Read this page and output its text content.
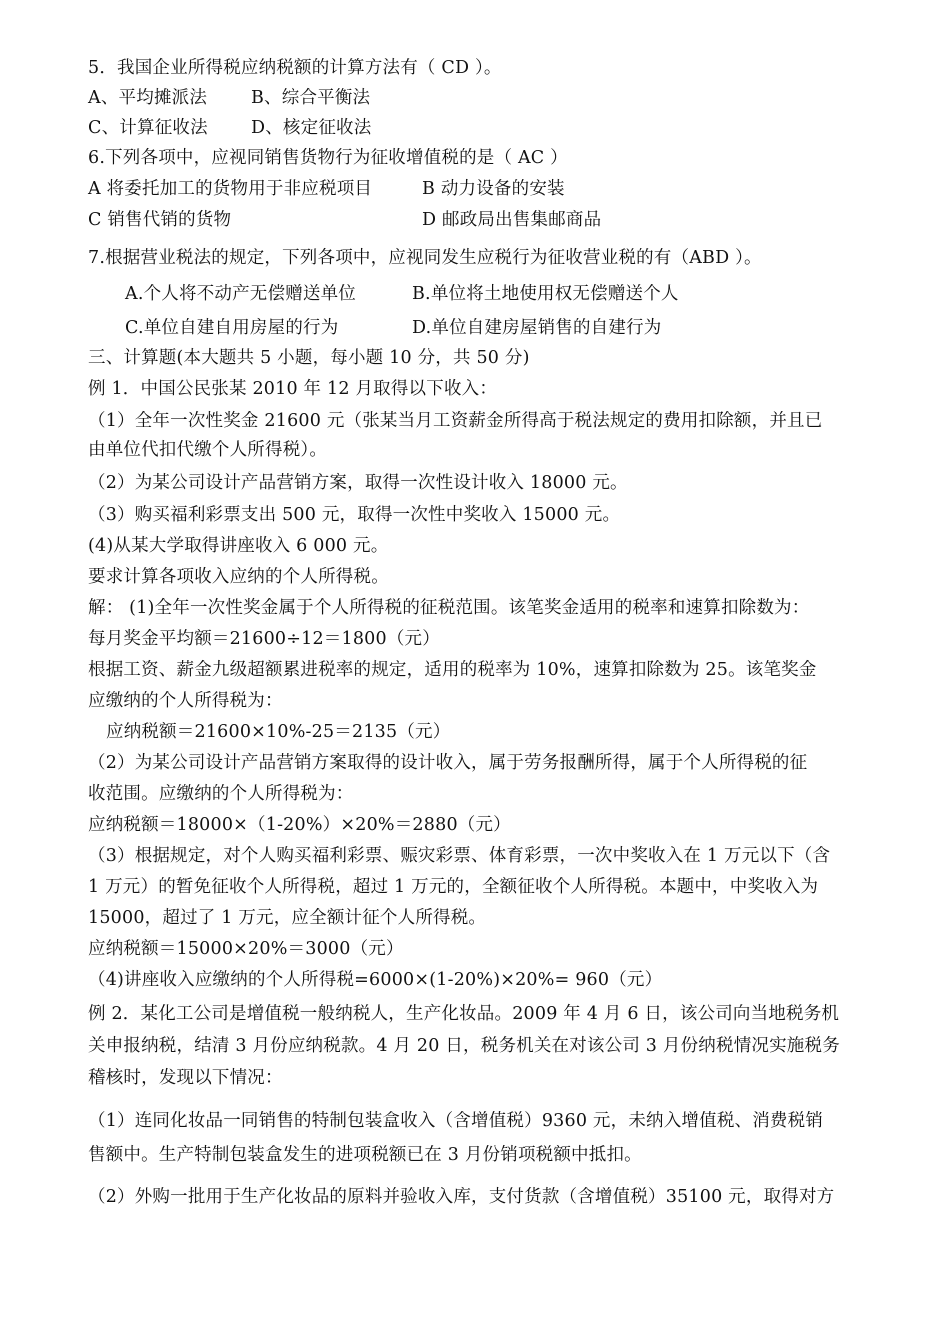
5．我国企业所得税应纳税额的计算方法有（ CD ）。
A、平均摊派法	B、综合平衡法
C、计算征收法 D、核定征收法
6.下列各项中，应视同销售货物行为征收增值税的是（ AC ）
A 将委托加工的货物用于非应税项目	B 动力设备的安装
C 销售代销的货物	D 邮政局出售集邮商品
7.根据营业税法的规定，下列各项中，应视同发生应税行为征收营业税的有（ABD ）。
A.个人将不动产无偿赠送单位	B.单位将土地使用权无偿赠送个人
C.单位自建自用房屋的行为	D.单位自建房屋销售的自建行为
三、计算题(本大题共 5 小题，每小题 10 分，共 50 分)
例 1．中国公民张某 2010 年 12 月取得以下收入：
（1）全年一次性奖金 21600 元（张某当月工资薪金所得高于税法规定的费用扣除额，并且已
由单位代扣代缴个人所得税）。
（2）为某公司设计产品营销方案，取得一次性设计收入 18000 元。
（3）购买福利彩票支出 500 元，取得一次性中奖收入 15000 元。
(4)从某大学取得讲座收入 6 000 元。
要求计算各项收入应纳的个人所得税。
解： (1)全年一次性奖金属于个人所得税的征税范围。该笔奖金适用的税率和速算扣除数为：
每月奖金平均额＝21600÷12＝1800（元）
根据工资、薪金九级超额累进税率的规定，适用的税率为 10%，速算扣除数为 25。该笔奖金
应缴纳的个人所得税为：
应纳税额＝21600×10%-25＝2135（元）
（2）为某公司设计产品营销方案取得的设计收入，属于劳务报酬所得，属于个人所得税的征
收范围。应缴纳的个人所得税为：
应纳税额＝18000×（1-20%）×20%＝2880（元）
（3）根据规定，对个人购买福利彩票、赈灾彩票、体育彩票，一次中奖收入在 1 万元以下（含
1 万元）的暂免征收个人所得税，超过 1 万元的，全额征收个人所得税。本题中，中奖收入为
15000，超过了 1 万元，应全额计征个人所得税。
应纳税额＝15000×20%＝3000（元）
（4)讲座收入应缴纳的个人所得税=6000×(1-20%)×20%= 960（元）
例 2．某化工公司是增值税一般纳税人，生产化妆品。2009 年 4 月 6 日，该公司向当地税务机
关申报纳税，结清 3 月份应纳税款。4 月 20 日，税务机关在对该公司 3 月份纳税情况实施税务
稽核时，发现以下情况：
（1）连同化妆品一同销售的特制包装盒收入（含增值税）9360 元，未纳入增值税、消费税销
售额中。生产特制包装盒发生的进项税额已在 3 月份销项税额中抵扣。
（2）外购一批用于生产化妆品的原料并验收入库，支付货款（含增值税）35100 元，取得对方
